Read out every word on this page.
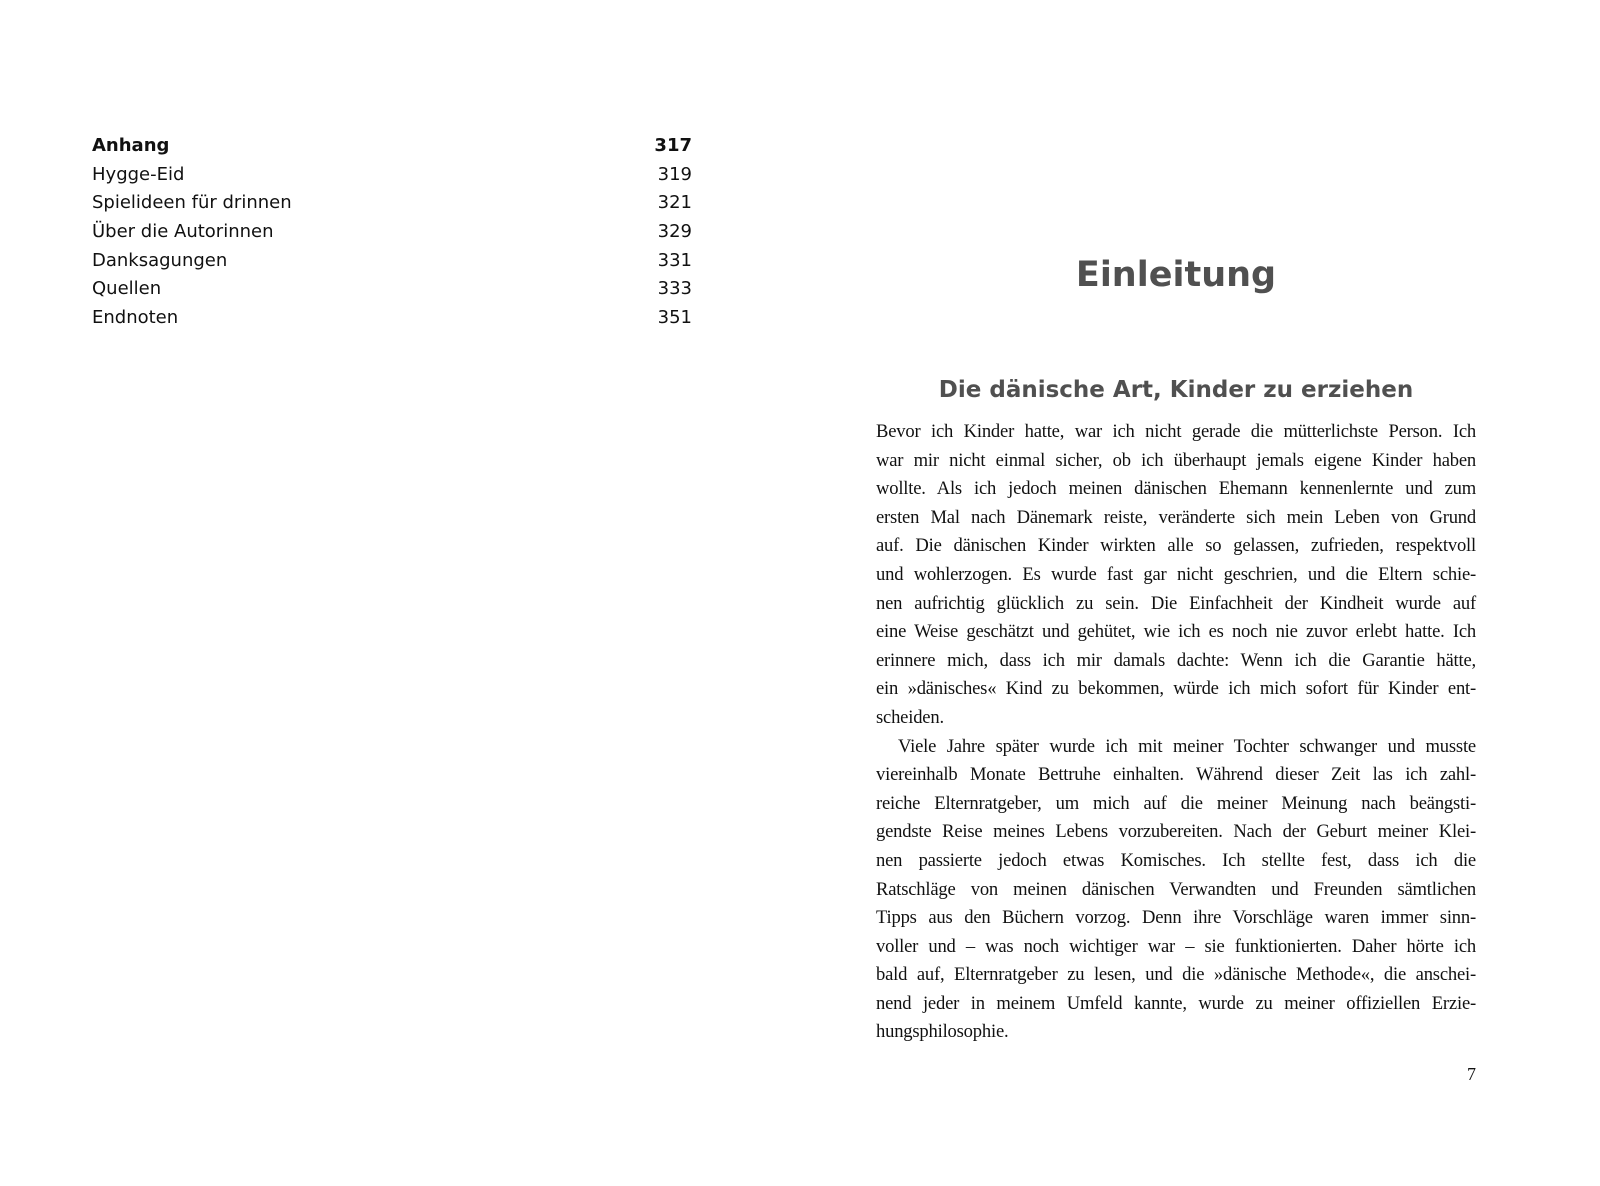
Anhang	317
Hygge-Eid	319
Spielideen für drinnen	321
Über die Autorinnen	329
Danksagungen	331
Quellen	333
Endnoten	351
Einleitung
Die dänische Art, Kinder zu erziehen
Bevor ich Kinder hatte, war ich nicht gerade die mütterlichste Person. Ich
war mir nicht einmal sicher, ob ich überhaupt jemals eigene Kinder haben
wollte. Als ich jedoch meinen dänischen Ehemann kennenlernte und zum
ersten Mal nach Dänemark reiste, veränderte sich mein Leben von Grund
auf. Die dänischen Kinder wirkten alle so gelassen, zufrieden, respektvoll
und wohlerzogen. Es wurde fast gar nicht geschrien, und die Eltern schie-
nen aufrichtig glücklich zu sein. Die Einfachheit der Kindheit wurde auf
eine Weise geschätzt und gehütet, wie ich es noch nie zuvor erlebt hatte. Ich
erinnere mich, dass ich mir damals dachte: Wenn ich die Garantie hätte,
ein »dänisches« Kind zu bekommen, würde ich mich sofort für Kinder ent-
scheiden.
Viele Jahre später wurde ich mit meiner Tochter schwanger und musste
viereinhalb Monate Bettruhe einhalten. Während dieser Zeit las ich zahl-
reiche Elternratgeber, um mich auf die meiner Meinung nach beängsti-
gendste Reise meines Lebens vorzubereiten. Nach der Geburt meiner Klei-
nen passierte jedoch etwas Komisches. Ich stellte fest, dass ich die
Ratschläge von meinen dänischen Verwandten und Freunden sämtlichen
Tipps aus den Büchern vorzog. Denn ihre Vorschläge waren immer sinn-
voller und – was noch wichtiger war – sie funktionierten. Daher hörte ich
bald auf, Elternratgeber zu lesen, und die »dänische Methode«, die anschei-
nend jeder in meinem Umfeld kannte, wurde zu meiner offiziellen Erzie-
hungsphilosophie.
7
